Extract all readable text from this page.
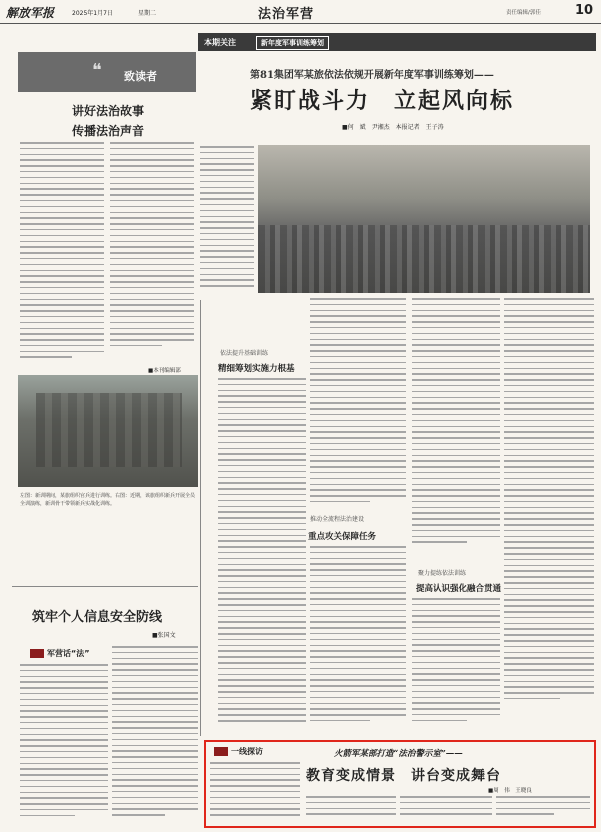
解放军报	2025年1月7日	星期二	法治军营	责任编辑/郭佳	10
本期关注	新年度军事训练筹划
第81集团军某旅依法依规开展新年度军事训练筹划——
紧盯战斗力　立起风向标
■何　斌　尹湘杰　本报记者　王子涛
❝ 致读者
讲好法治故事
传播法治声音
■本刊编辑部
左图：新训期间，某旅组织官兵进行训练。右图：近期，该旅组织新兵开展全员全训演练，新训骨干带领新兵实战化训练。
依法提升基础训练
精细筹划实施力根基
推动全流程法治建设
重点攻关保障任务
聚力提练依法训练
提高认识强化融合贯通
筑牢个人信息安全防线
■张国文
军营话“法”
一线探访	火箭军某部打造“法治警示室”——
教育变成情景　讲台变成舞台
■周　伟　王晓良
